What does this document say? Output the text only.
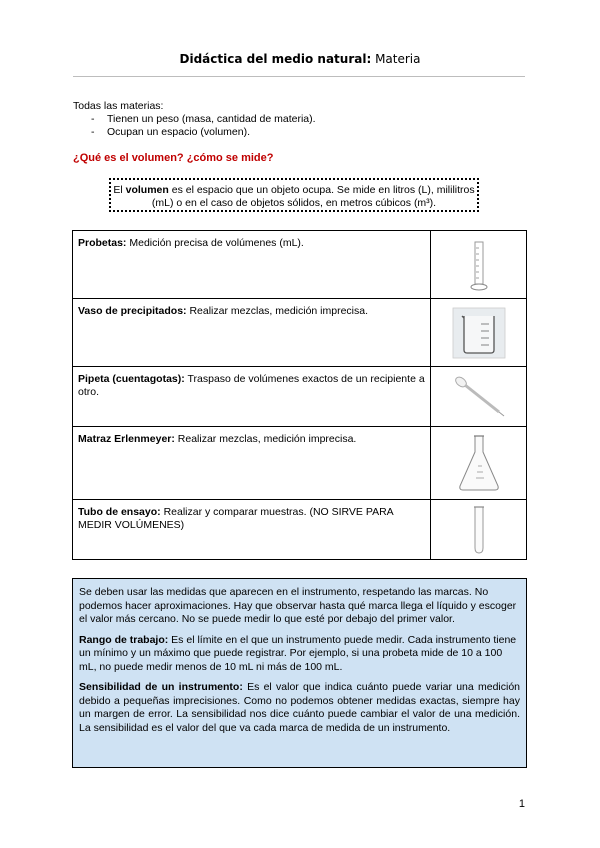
Didáctica del medio natural: Materia
Todas las materias:
- Tienen un peso (masa, cantidad de materia).
- Ocupan un espacio (volumen).
¿Qué es el volumen? ¿cómo se mide?
El volumen es el espacio que un objeto ocupa. Se mide en litros (L), mililitros (mL) o en el caso de objetos sólidos, en metros cúbicos (m³).
Probetas: Medición precisa de volúmenes (mL).	

Vaso de precipitados: Realizar mezclas, medición imprecisa.	

Pipeta (cuentagotas): Traspaso de volúmenes exactos de un recipiente a otro.	

Matraz Erlenmeyer: Realizar mezclas, medición imprecisa.	

Tubo de ensayo: Realizar y comparar muestras. (NO SIRVE PARA MEDIR VOLÚMENES)	

Se deben usar las medidas que aparecen en el instrumento, respetando las marcas. No podemos hacer aproximaciones. Hay que observar hasta qué marca llega el líquido y escoger el valor más cercano. No se puede medir lo que esté por debajo del primer valor.

Rango de trabajo: Es el límite en el que un instrumento puede medir. Cada instrumento tiene un mínimo y un máximo que puede registrar. Por ejemplo, si una probeta mide de 10 a 100 mL, no puede medir menos de 10 mL ni más de 100 mL.

Sensibilidad de un instrumento: Es el valor que indica cuánto puede variar una medición debido a pequeñas imprecisiones. Como no podemos obtener medidas exactas, siempre hay un margen de error. La sensibilidad nos dice cuánto puede cambiar el valor de una medición. La sensibilidad es el valor del que va cada marca de medida de un instrumento.

1
